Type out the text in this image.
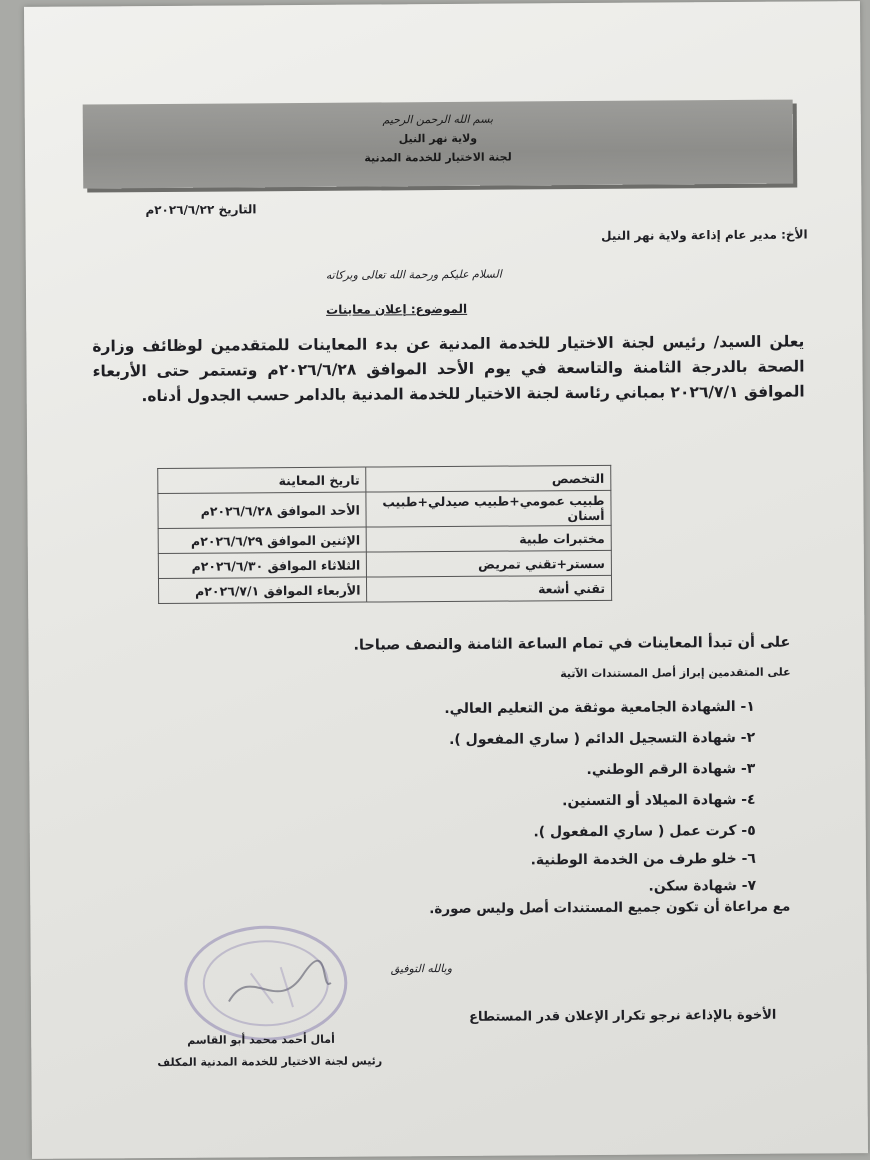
بسم الله الرحمن الرحيم
ولاية نهر النيل
لجنة الاختيار للخدمة المدنية
التاريخ ٢٠٢٦/٦/٢٢م
الأخ: مدير عام إذاعة ولاية نهر النيل
السلام عليكم ورحمة الله تعالى وبركاته
الموضوع: إعلان معاينات
يعلن السيد/ رئيس لجنة الاختيار للخدمة المدنية عن بدء المعاينات للمتقدمين لوظائف وزارة الصحة بالدرجة الثامنة والتاسعة في يوم الأحد الموافق ٢٠٢٦/٦/٢٨م وتستمر حتى الأربعاء الموافق ٢٠٢٦/٧/١ بمباني رئاسة لجنة الاختيار للخدمة المدنية بالدامر حسب الجدول أدناه.
التخصص	تاريخ المعاينة
طبيب عمومي+طبيب صيدلي+طبيب أسنان	الأحد الموافق ٢٠٢٦/٦/٢٨م
مختبرات طبية	الإثنين الموافق ٢٠٢٦/٦/٢٩م
سستر+تقني تمريض	الثلاثاء الموافق ٢٠٢٦/٦/٣٠م
تقني أشعة	الأربعاء الموافق ٢٠٢٦/٧/١م
على أن تبدأ المعاينات في تمام الساعة الثامنة والنصف صباحا.
على المتقدمين إبراز أصل المستندات الآتية
١- الشهادة الجامعية موثقة من التعليم العالي.
٢- شهادة التسجيل الدائم ( ساري المفعول ).
٣- شهادة الرقم الوطني.
٤- شهادة الميلاد أو التسنين.
٥- كرت عمل ( ساري المفعول ).
٦- خلو طرف من الخدمة الوطنية.
٧- شهادة سكن.
مع مراعاة أن تكون جميع المستندات أصل وليس صورة.
وبالله التوفيق
الأخوة بالإذاعة نرجو تكرار الإعلان قدر المستطاع
أمال أحمد محمد أبو القاسم
رئيس لجنة الاختيار للخدمة المدنية المكلف
